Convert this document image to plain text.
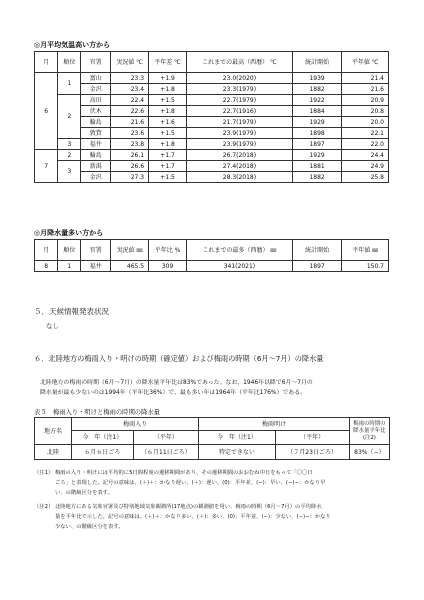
◎月平均気温高い方から
月	順位	官署	実況値 ℃	平年差 ℃	これまでの最高（西暦） ℃	統計開始	平年値 ℃
6	1	富山	23.3	+1.9	23.0(2020)	1939	21.4
		金沢	23.4	+1.8	23.3(1979)	1882	21.6
	2	高田	22.4	+1.5	22.7(1979)	1922	20.9
		伏木	22.6	+1.8	22.7(1916)	1884	20.8
		輪島	21.6	+1.6	21.7(1979)	1929	20.0
		敦賀	23.6	+1.5	23.9(1979)	1898	22.1
	3	福井	23.8	+1.8	23.9(1979)	1897	22.0
7	2	輪島	26.1	+1.7	26.7(2018)	1929	24.4
	3	新潟	26.6	+1.7	27.4(2018)	1881	24.9
		金沢	27.3	+1.5	28.3(2018)	1882	25.8
◎月降水量多い方から
月	順位	官署	実況値 ㎜	平年比 %	これまでの最多（西暦） ㎜	統計開始	平年値 ㎜
8	1	福井	465.5	309	341(2021)	1897	150.7
５．天候情報発表状況
なし
６．北陸地方の梅雨入り・明けの時期（確定値）および梅雨の時期（6月～7月）の降水量
北陸地方の梅雨の時期（6月～7月）の降水量平年比は83%であった。なお、1946年以降で6月～7月の
降水量が最も少ないのは1994年（平年比36%）で、最も多い年は1964年（平年比176%）である。
表５　梅雨入り・明けと梅雨の時期の降水量
地方名	梅雨入り		梅雨明け		梅雨の時期の降水量平年比(注2)
	今　年（注1）	（平年）	今　年（注1）	（平年）	
北陸	６月６日ごろ	（６月11日ごろ）	特定できない	（７月23日ごろ）	83%（−）
（注1） 梅雨の入り・明けには平均的に5日間程度の遷移期間があり、その遷移期間のおおむね中日をもって「〇〇日
ごろ」と表現した。記号の意味は、(＋)＋：かなり遅い、(＋)：遅い、(0)：平年並、(−)：早い、(−)−：かなり早
い、の階級区分を表す。
（注2） 北陸地方にある気象官署及び特別地域気象観測所(17地点)の観測値を用い、梅雨の時期（6月～7月）の平均降水
量を平年比で示した。記号の意味は、(＋)＋：かなり多い、(＋)：多い、(0)：平年並、(−)：少ない、(−)−：かなり
少ない、の階級区分を表す。
